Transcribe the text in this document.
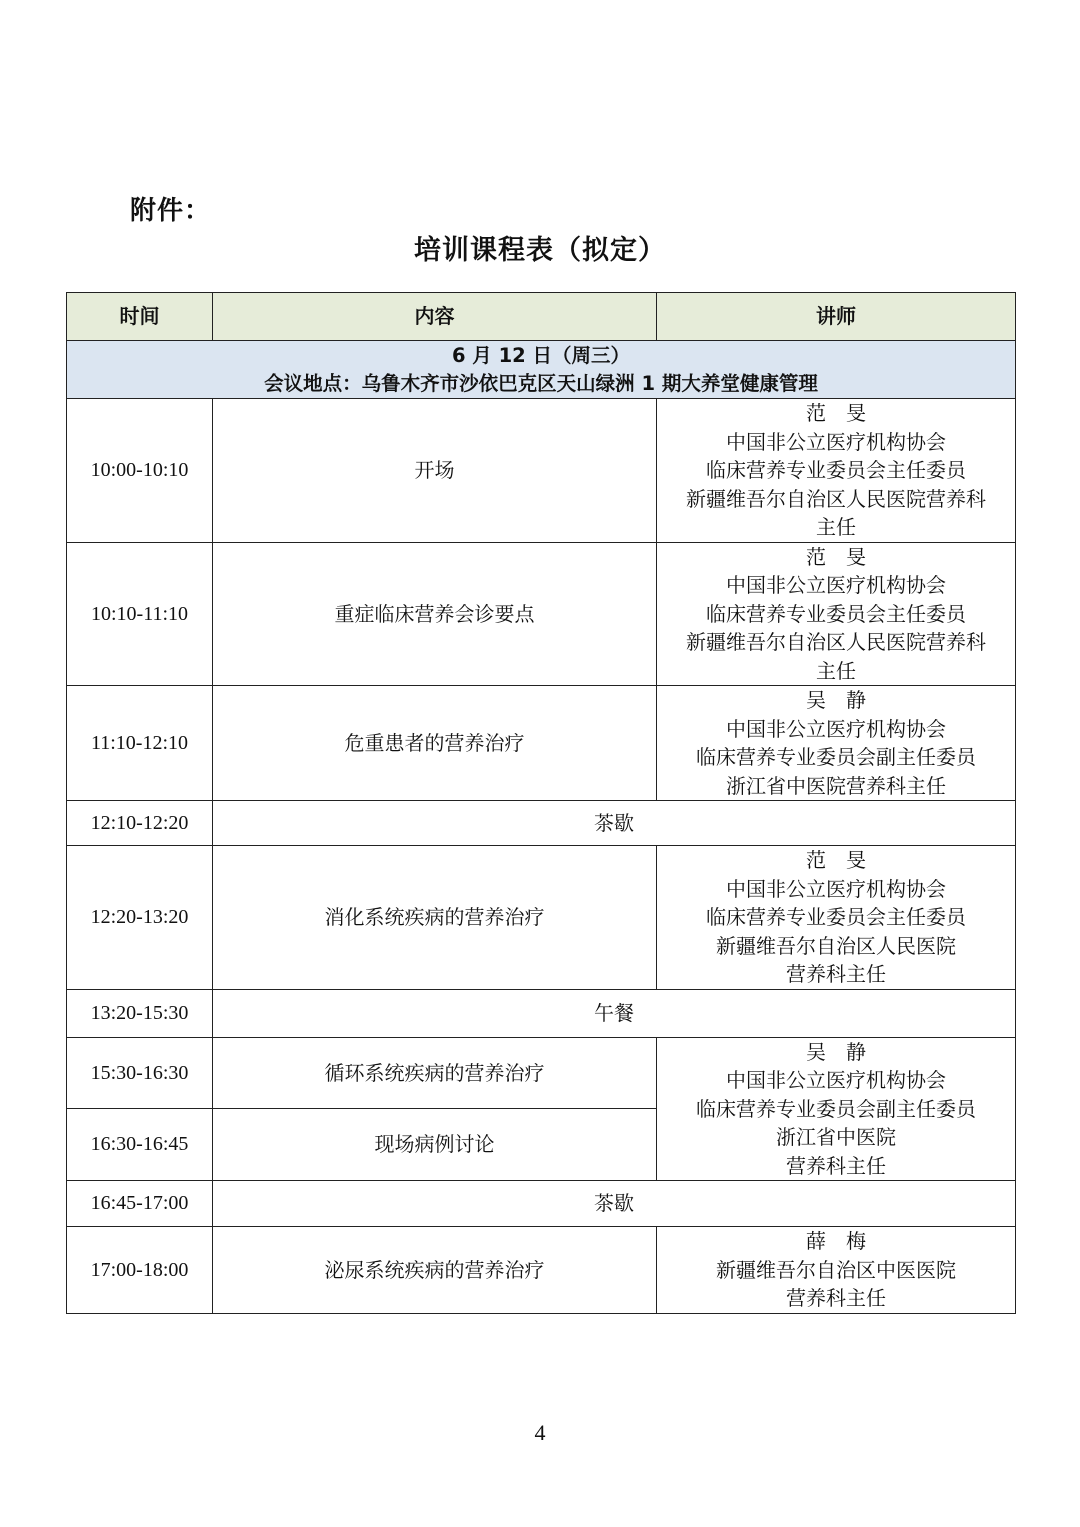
附件：
培训课程表（拟定）
时间	内容	讲师

6 月 12 日（周三）
会议地点：乌鲁木齐市沙依巴克区天山绿洲 1 期大养堂健康管理		

10:00-10:10	开场	范　旻
中国非公立医疗机构协会
临床营养专业委员会主任委员
新疆维吾尔自治区人民医院营养科
主任

10:10-11:10	重症临床营养会诊要点	范　旻
中国非公立医疗机构协会
临床营养专业委员会主任委员
新疆维吾尔自治区人民医院营养科
主任

11:10-12:10	危重患者的营养治疗	吴　静
中国非公立医疗机构协会
临床营养专业委员会副主任委员
浙江省中医院营养科主任

12:10-12:20	茶歇	
12:20-13:20	消化系统疾病的营养治疗	范　旻
中国非公立医疗机构协会
临床营养专业委员会主任委员
新疆维吾尔自治区人民医院
营养科主任

13:20-15:30	午餐	
15:30-16:30	循环系统疾病的营养治疗	吴　静
中国非公立医疗机构协会
临床营养专业委员会副主任委员
浙江省中医院
营养科主任

16:30-16:45	现场病例讨论	
16:45-17:00	茶歇	
17:00-18:00	泌尿系统疾病的营养治疗	薛　梅
新疆维吾尔自治区中医医院
营养科主任
4
